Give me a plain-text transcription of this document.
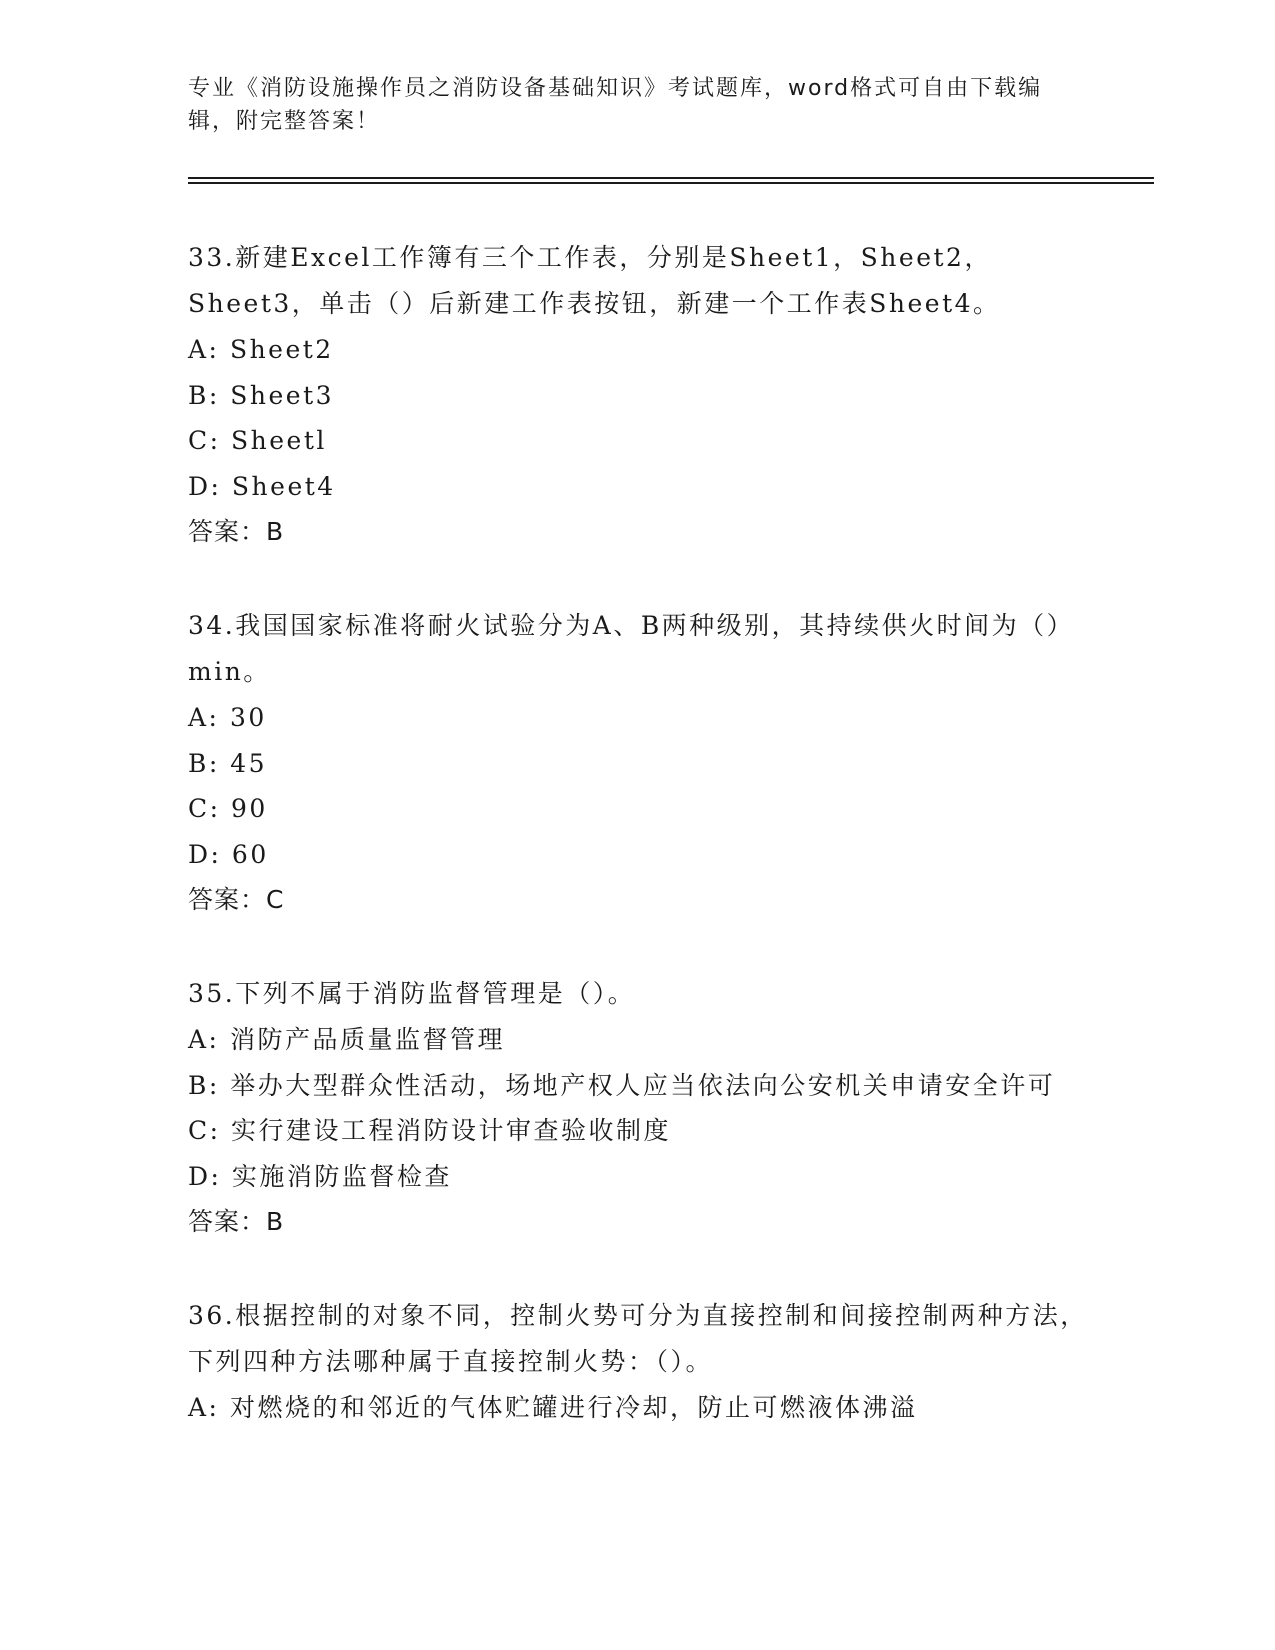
专业《消防设施操作员之消防设备基础知识》考试题库，word格式可自由下载编辑，附完整答案！

33.新建Excel工作簿有三个工作表，分别是Sheet1，Sheet2，Sheet3，单击（）后新建工作表按钮，新建一个工作表Sheet4。

A: Sheet2

B: Sheet3

C: Sheetl

D: Sheet4

答案：B

34.我国国家标准将耐火试验分为A、B两种级别，其持续供火时间为（）min。

A: 30

B: 45

C: 90

D: 60

答案：C

35.下列不属于消防监督管理是（）。

A: 消防产品质量监督管理

B: 举办大型群众性活动，场地产权人应当依法向公安机关申请安全许可

C: 实行建设工程消防设计审查验收制度

D: 实施消防监督检查

答案：B

36.根据控制的对象不同，控制火势可分为直接控制和间接控制两种方法，下列四种方法哪种属于直接控制火势：（）。

A: 对燃烧的和邻近的气体贮罐进行冷却，防止可燃液体沸溢
